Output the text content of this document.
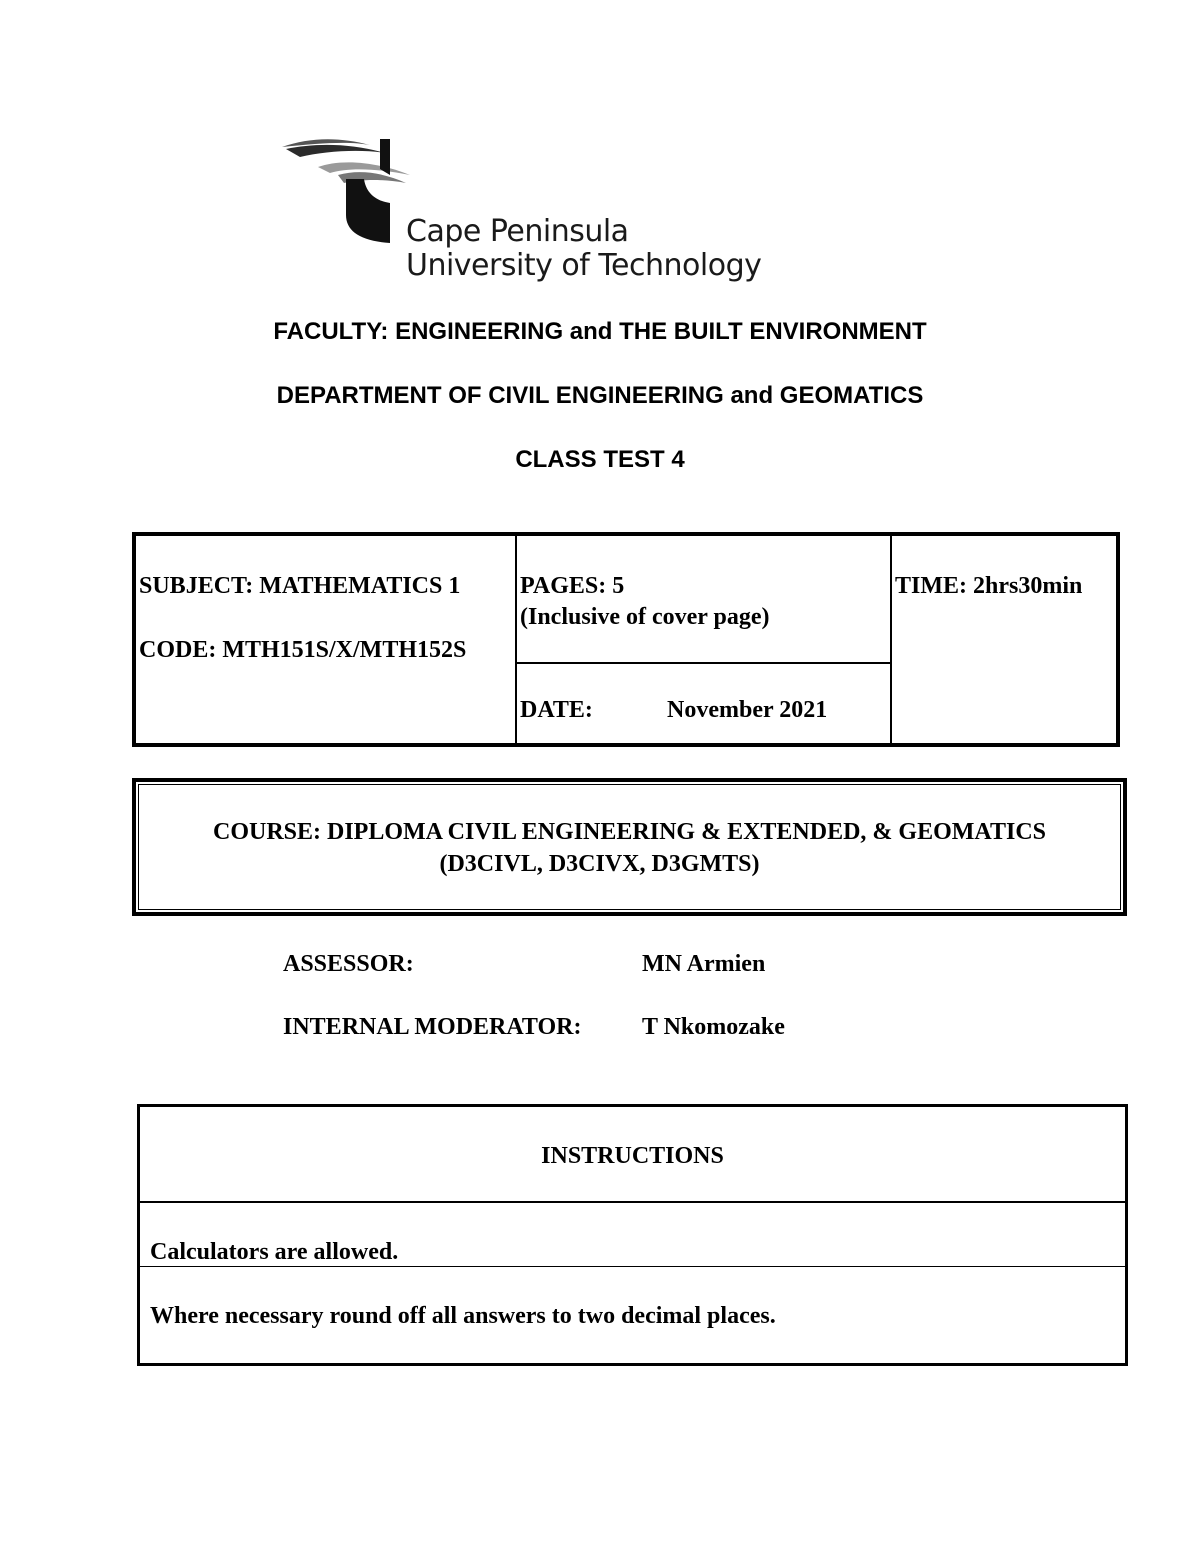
Cape Peninsula
University of Technology
FACULTY: ENGINEERING and THE BUILT ENVIRONMENT
DEPARTMENT OF CIVIL ENGINEERING and GEOMATICS
CLASS TEST 4
SUBJECT: MATHEMATICS 1
CODE: MTH151S/X/MTH152S
PAGES: 5
(Inclusive of cover page)
DATE:	November 2021
TIME: 2hrs30min
COURSE: DIPLOMA CIVIL ENGINEERING & EXTENDED, & GEOMATICS
(D3CIVL, D3CIVX, D3GMTS)
ASSESSOR:	MN Armien
INTERNAL MODERATOR:	T Nkomozake
INSTRUCTIONS
Calculators are allowed.
Where necessary round off all answers to two decimal places.
